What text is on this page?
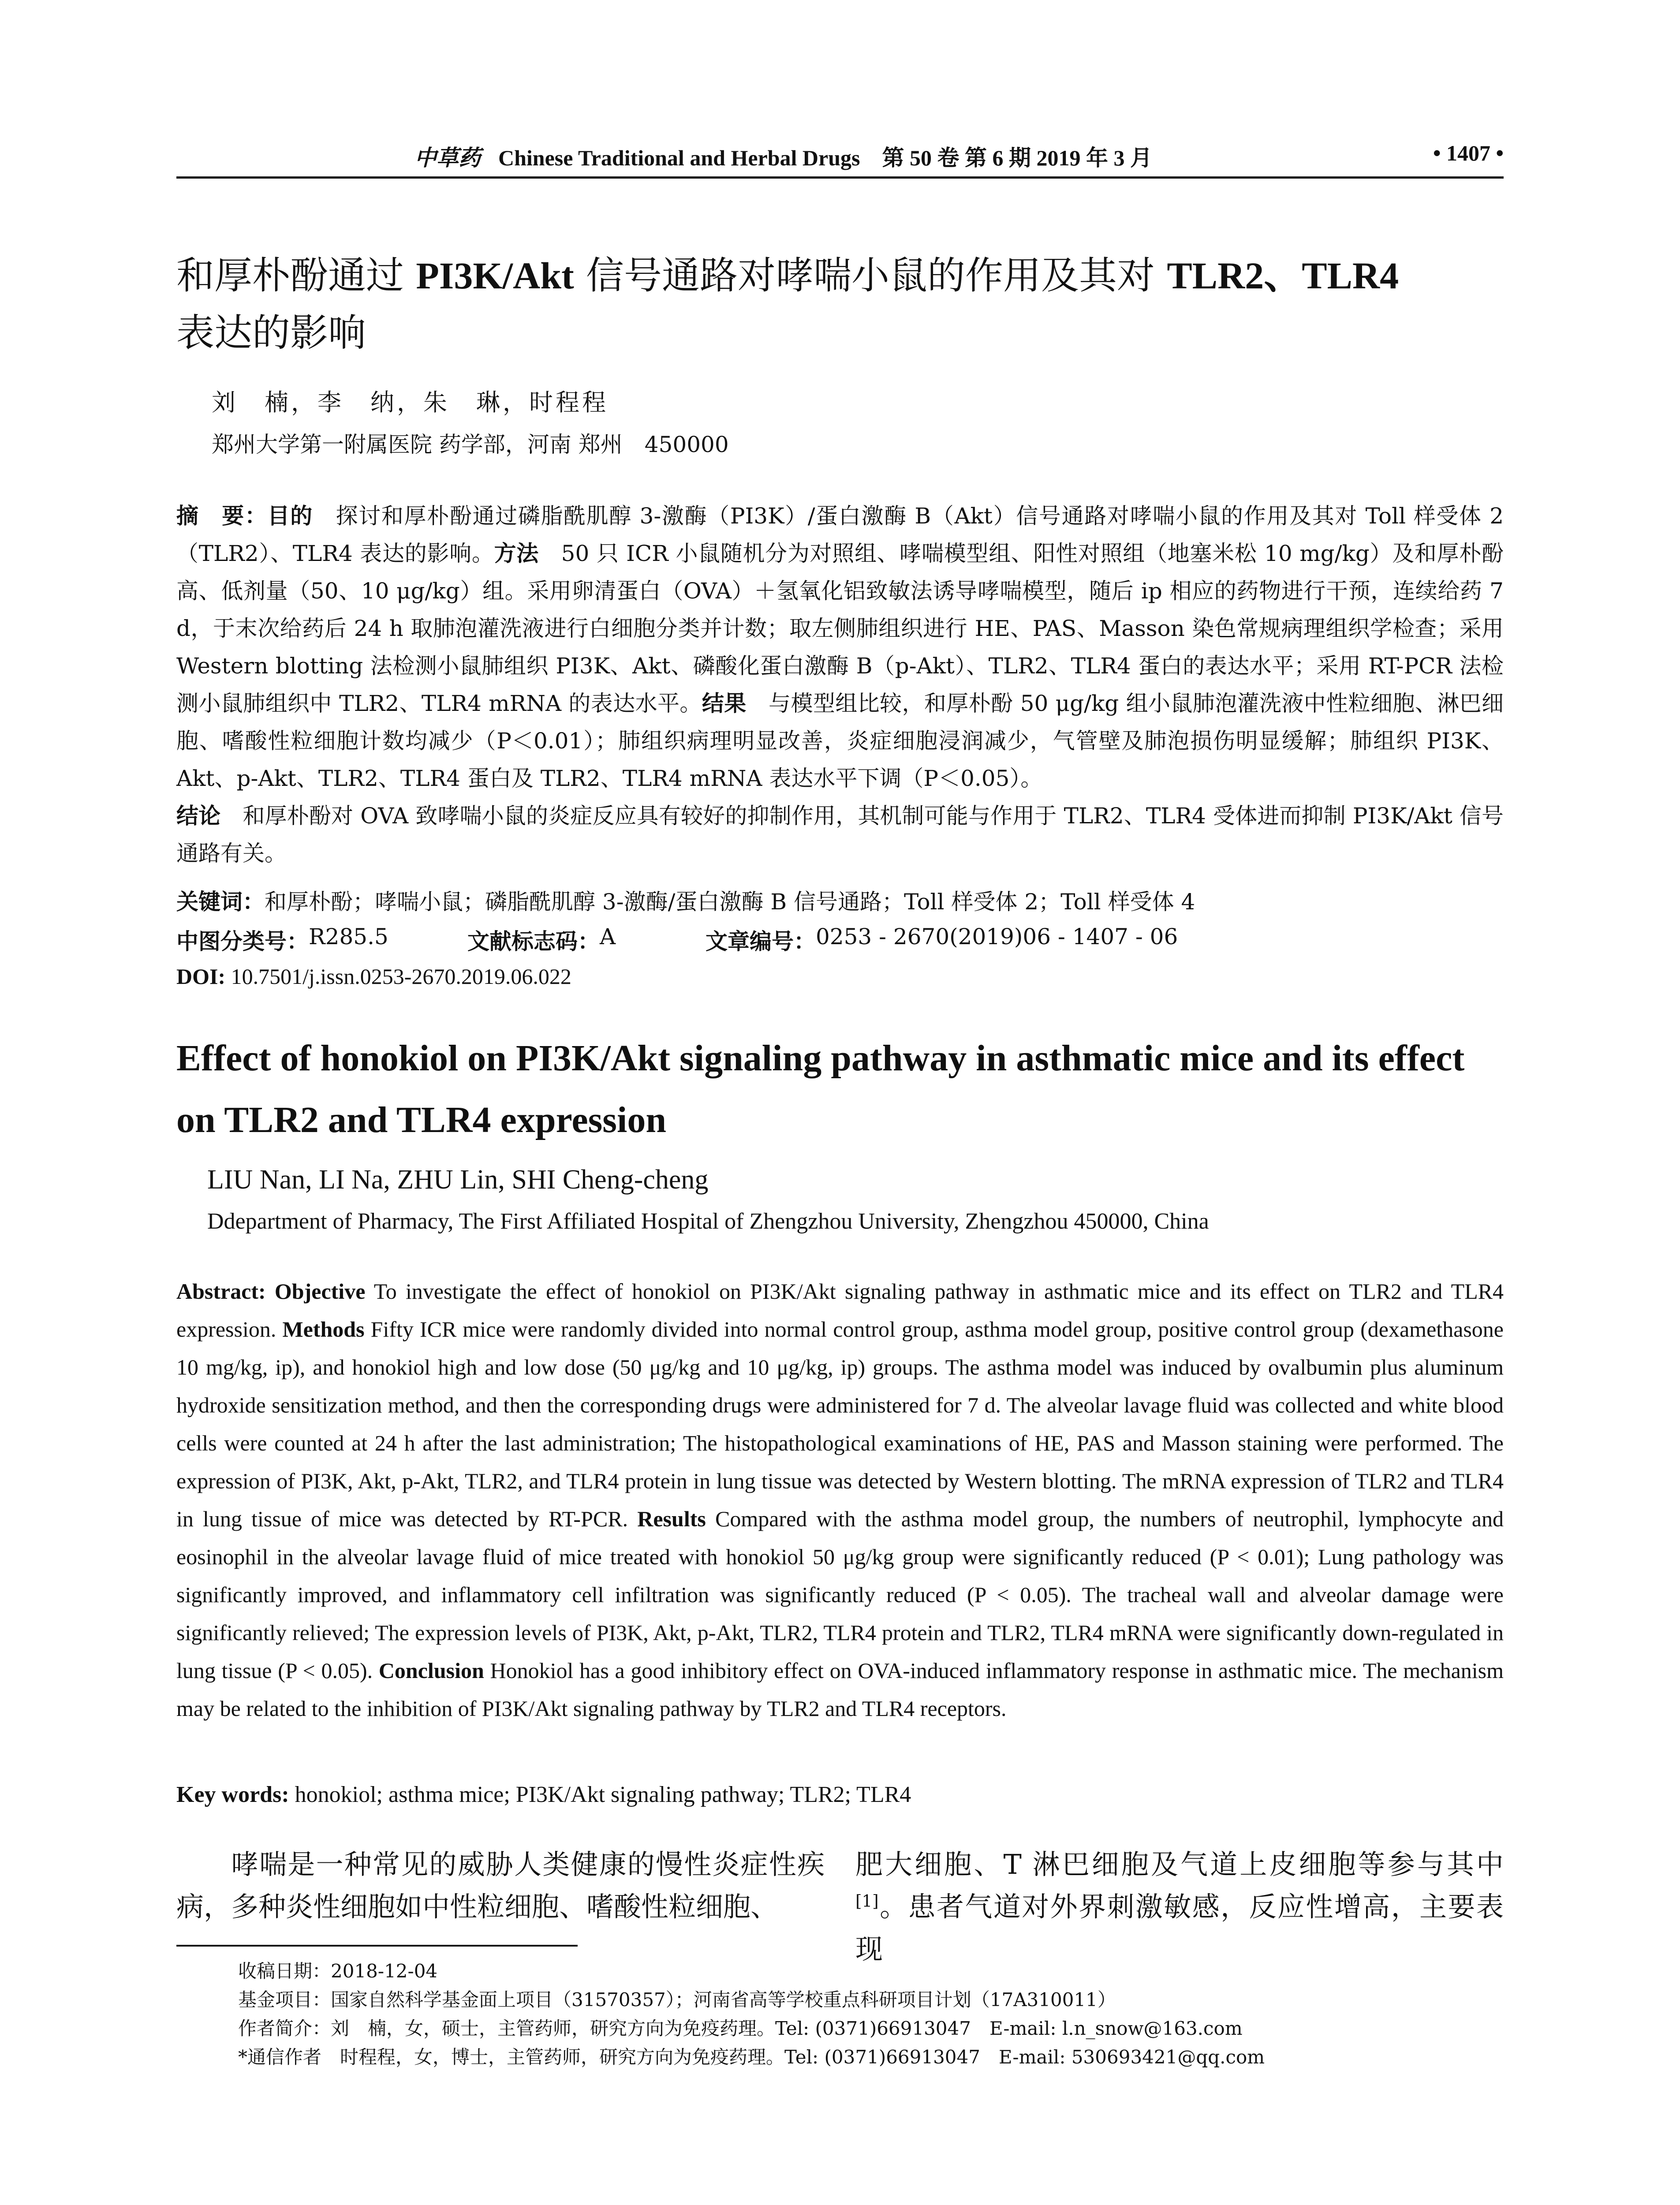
中草药 Chinese Traditional and Herbal Drugs 第 50 卷 第 6 期 2019 年 3 月	• 1407 •
和厚朴酚通过 PI3K/Akt 信号通路对哮喘小鼠的作用及其对 TLR2、TLR4
表达的影响
刘　楠，李　纳，朱　琳，时程程
郑州大学第一附属医院 药学部，河南 郑州　450000
摘　要：目的　探讨和厚朴酚通过磷脂酰肌醇 3-激酶（PI3K）/蛋白激酶 B（Akt）信号通路对哮喘小鼠的作用及其对 Toll 样受体 2（TLR2）、TLR4 表达的影响。方法　50 只 ICR 小鼠随机分为对照组、哮喘模型组、阳性对照组（地塞米松 10 mg/kg）及和厚朴酚高、低剂量（50、10 μg/kg）组。采用卵清蛋白（OVA）＋氢氧化铝致敏法诱导哮喘模型，随后 ip 相应的药物进行干预，连续给药 7 d，于末次给药后 24 h 取肺泡灌洗液进行白细胞分类并计数；取左侧肺组织进行 HE、PAS、Masson 染色常规病理组织学检查；采用 Western blotting 法检测小鼠肺组织 PI3K、Akt、磷酸化蛋白激酶 B（p-Akt）、TLR2、TLR4 蛋白的表达水平；采用 RT-PCR 法检测小鼠肺组织中 TLR2、TLR4 mRNA 的表达水平。结果　与模型组比较，和厚朴酚 50 μg/kg 组小鼠肺泡灌洗液中性粒细胞、淋巴细胞、嗜酸性粒细胞计数均减少（P＜0.01）；肺组织病理明显改善，炎症细胞浸润减少，气管壁及肺泡损伤明显缓解；肺组织 PI3K、Akt、p-Akt、TLR2、TLR4 蛋白及 TLR2、TLR4 mRNA 表达水平下调（P＜0.05）。
结论　和厚朴酚对 OVA 致哮喘小鼠的炎症反应具有较好的抑制作用，其机制可能与作用于 TLR2、TLR4 受体进而抑制 PI3K/Akt 信号通路有关。
关键词：和厚朴酚；哮喘小鼠；磷脂酰肌醇 3-激酶/蛋白激酶 B 信号通路；Toll 样受体 2；Toll 样受体 4
中图分类号： R285.5	文献标志码： A	文章编号： 0253 - 2670(2019)06 - 1407 - 06
DOI: 10.7501/j.issn.0253-2670.2019.06.022
Effect of honokiol on PI3K/Akt signaling pathway in asthmatic mice and its effect on TLR2 and TLR4 expression
LIU Nan, LI Na, ZHU Lin, SHI Cheng-cheng
Ddepartment of Pharmacy, The First Affiliated Hospital of Zhengzhou University, Zhengzhou 450000, China
Abstract: Objective To investigate the effect of honokiol on PI3K/Akt signaling pathway in asthmatic mice and its effect on TLR2 and TLR4 expression. Methods Fifty ICR mice were randomly divided into normal control group, asthma model group, positive control group (dexamethasone 10 mg/kg, ip), and honokiol high and low dose (50 μg/kg and 10 μg/kg, ip) groups. The asthma model was induced by ovalbumin plus aluminum hydroxide sensitization method, and then the corresponding drugs were administered for 7 d. The alveolar lavage fluid was collected and white blood cells were counted at 24 h after the last administration; The histopathological examinations of HE, PAS and Masson staining were performed. The expression of PI3K, Akt, p-Akt, TLR2, and TLR4 protein in lung tissue was detected by Western blotting. The mRNA expression of TLR2 and TLR4 in lung tissue of mice was detected by RT-PCR. Results Compared with the asthma model group, the numbers of neutrophil, lymphocyte and eosinophil in the alveolar lavage fluid of mice treated with honokiol 50 μg/kg group were significantly reduced (P < 0.01); Lung pathology was significantly improved, and inflammatory cell infiltration was significantly reduced (P < 0.05). The tracheal wall and alveolar damage were significantly relieved; The expression levels of PI3K, Akt, p-Akt, TLR2, TLR4 protein and TLR2, TLR4 mRNA were significantly down-regulated in lung tissue (P < 0.05). Conclusion Honokiol has a good inhibitory effect on OVA-induced inflammatory response in asthmatic mice. The mechanism may be related to the inhibition of PI3K/Akt signaling pathway by TLR2 and TLR4 receptors.
Key words: honokiol; asthma mice; PI3K/Akt signaling pathway; TLR2; TLR4
哮喘是一种常见的威胁人类健康的慢性炎症性疾病，多种炎性细胞如中性粒细胞、嗜酸性粒细胞、
肥大细胞、T 淋巴细胞及气道上皮细胞等参与其中[1]。患者气道对外界刺激敏感，反应性增高，主要表现
收稿日期：2018-12-04
基金项目：国家自然科学基金面上项目（31570357）；河南省高等学校重点科研项目计划（17A310011）
作者简介：刘　楠，女，硕士，主管药师，研究方向为免疫药理。Tel: (0371)66913047　E-mail: l.n_snow@163.com
*通信作者　时程程，女，博士，主管药师，研究方向为免疫药理。Tel: (0371)66913047　E-mail: 530693421@qq.com
